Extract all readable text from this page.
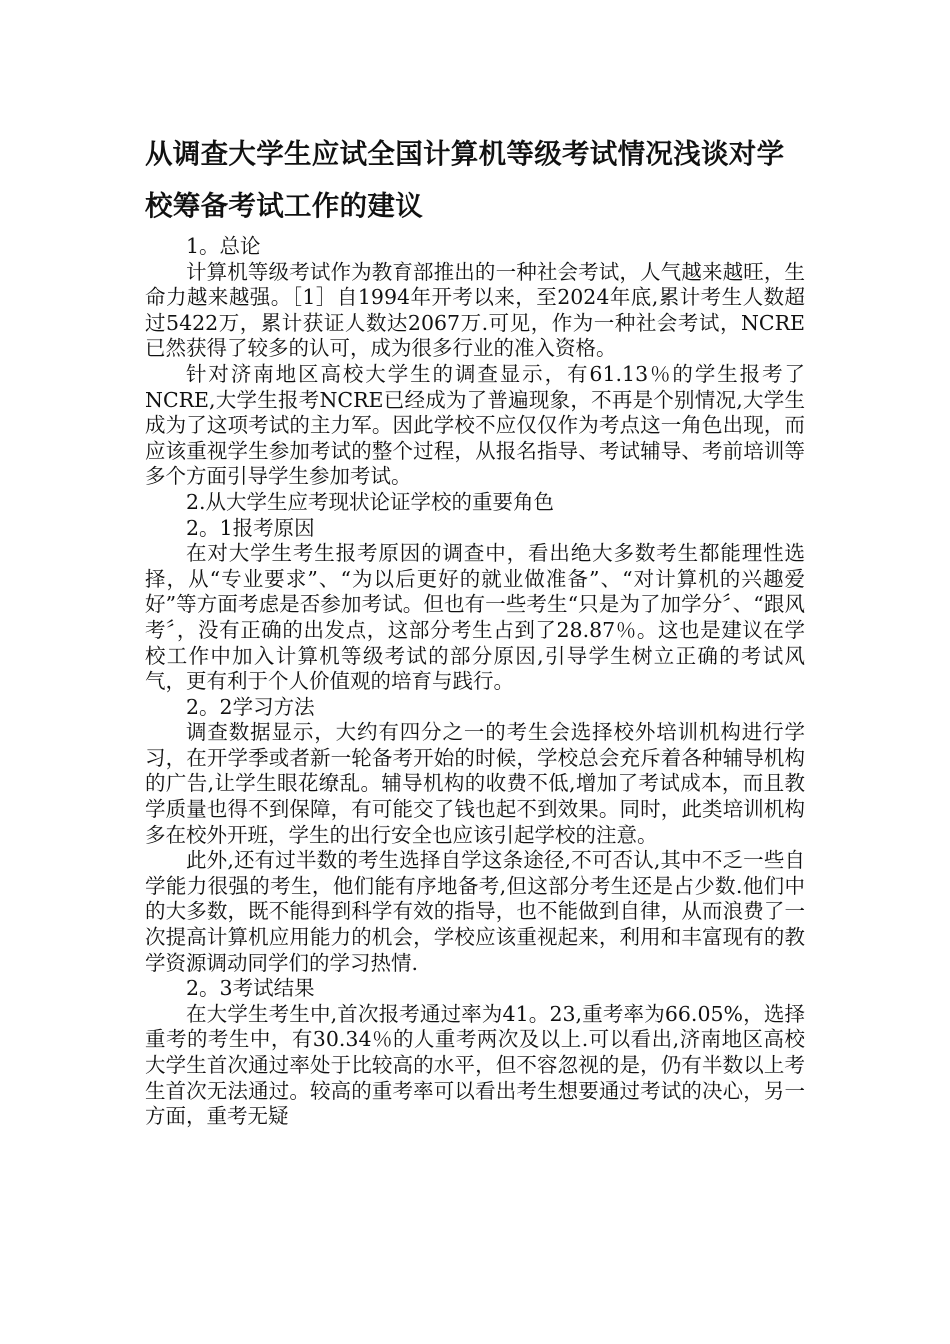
从调查大学生应试全国计算机等级考试情况浅谈对学校筹备考试工作的建议

1。总论

计算机等级考试作为教育部推出的一种社会考试，人气越来越旺，生命力越来越强。［1］自1994年开考以来，至2024年底,累计考生人数超过5422万，累计获证人数达2067万.可见，作为一种社会考试，NCRE已然获得了较多的认可，成为很多行业的准入资格。

针对济南地区高校大学生的调查显示，有61.13％的学生报考了NCRE,大学生报考NCRE已经成为了普遍现象，不再是个别情况,大学生成为了这项考试的主力军。因此学校不应仅仅作为考点这一角色出现，而应该重视学生参加考试的整个过程，从报名指导、考试辅导、考前培训等多个方面引导学生参加考试。

2.从大学生应考现状论证学校的重要角色

2。1报考原因

在对大学生考生报考原因的调查中，看出绝大多数考生都能理性选择，从“专业要求”、“为以后更好的就业做准备”、“对计算机的兴趣爱好”等方面考虑是否参加考试。但也有一些考生“只是为了加学分〞、“跟风考〞，没有正确的出发点，这部分考生占到了28.87％。这也是建议在学校工作中加入计算机等级考试的部分原因,引导学生树立正确的考试风气，更有利于个人价值观的培育与践行。

2。2学习方法

调查数据显示，大约有四分之一的考生会选择校外培训机构进行学习，在开学季或者新一轮备考开始的时候，学校总会充斥着各种辅导机构的广告,让学生眼花缭乱。辅导机构的收费不低,增加了考试成本，而且教学质量也得不到保障，有可能交了钱也起不到效果。同时，此类培训机构多在校外开班，学生的出行安全也应该引起学校的注意。

此外,还有过半数的考生选择自学这条途径,不可否认,其中不乏一些自学能力很强的考生，他们能有序地备考,但这部分考生还是占少数.他们中的大多数，既不能得到科学有效的指导，也不能做到自律，从而浪费了一次提高计算机应用能力的机会，学校应该重视起来，利用和丰富现有的教学资源调动同学们的学习热情.

2。3考试结果

在大学生考生中,首次报考通过率为41。23,重考率为66.05%，选择重考的考生中，有30.34％的人重考两次及以上.可以看出,济南地区高校大学生首次通过率处于比较高的水平，但不容忽视的是，仍有半数以上考生首次无法通过。较高的重考率可以看出考生想要通过考试的决心，另一方面，重考无疑
